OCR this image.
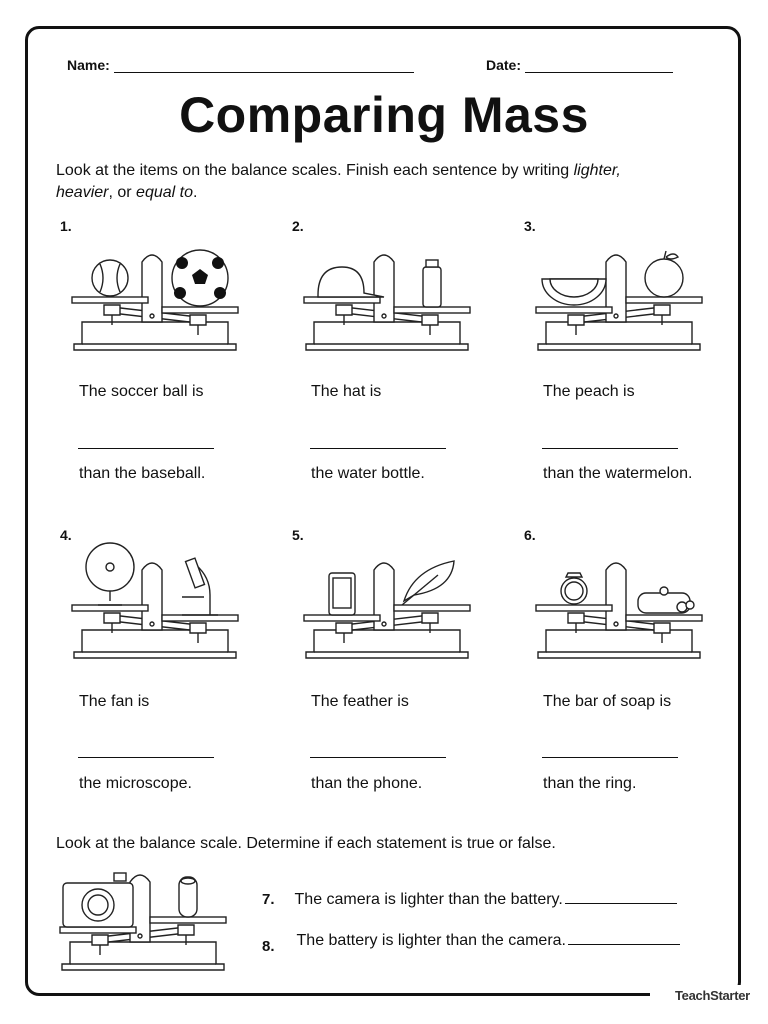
Name:	Date:
Comparing Mass
Look at the items on the balance scales. Finish each sentence by writing lighter,
heavier, or equal to.
1.
The soccer ball is
than the baseball.
2.
The hat is
the water bottle.
3.
The peach is
than the watermelon.
4.
The fan is
the microscope.
5.
The feather is
than the phone.
6.
The bar of soap is
than the ring.
Look at the balance scale. Determine if each statement is true or false.
7. The camera is lighter than the battery.
8. The battery is lighter than the camera.
TeachStarter
